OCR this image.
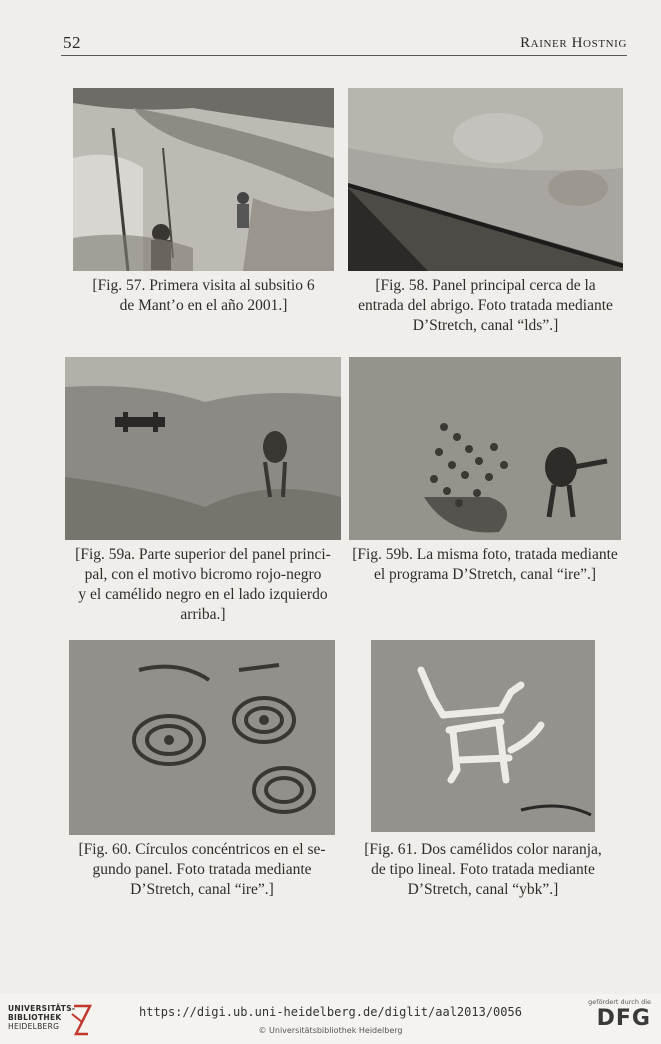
52	Rainer Hostnig
[Fig. 57. Primera visita al subsitio 6
de Mant’o en el año 2001.]
[Fig. 58. Panel principal cerca de la
entrada del abrigo. Foto tratada mediante
D’Stretch, canal “lds”.]
[Fig. 59a. Parte superior del panel princi-
pal, con el motivo bicromo rojo-negro
y el camélido negro en el lado izquierdo
arriba.]
[Fig. 59b. La misma foto, tratada mediante
el programa D’Stretch, canal “ire”.]
[Fig. 60. Círculos concéntricos en el se-
gundo panel. Foto tratada mediante
D’Stretch, canal “ire”.]
[Fig. 61. Dos camélidos color naranja,
de tipo lineal. Foto tratada mediante
D’Stretch, canal “ybk”.]
UNIVERSITÄTS-
BIBLIOTHEK
HEIDELBERG
https://digi.ub.uni-heidelberg.de/diglit/aal2013/0056
© Universitätsbibliothek Heidelberg
gefördert durch die
DFG
